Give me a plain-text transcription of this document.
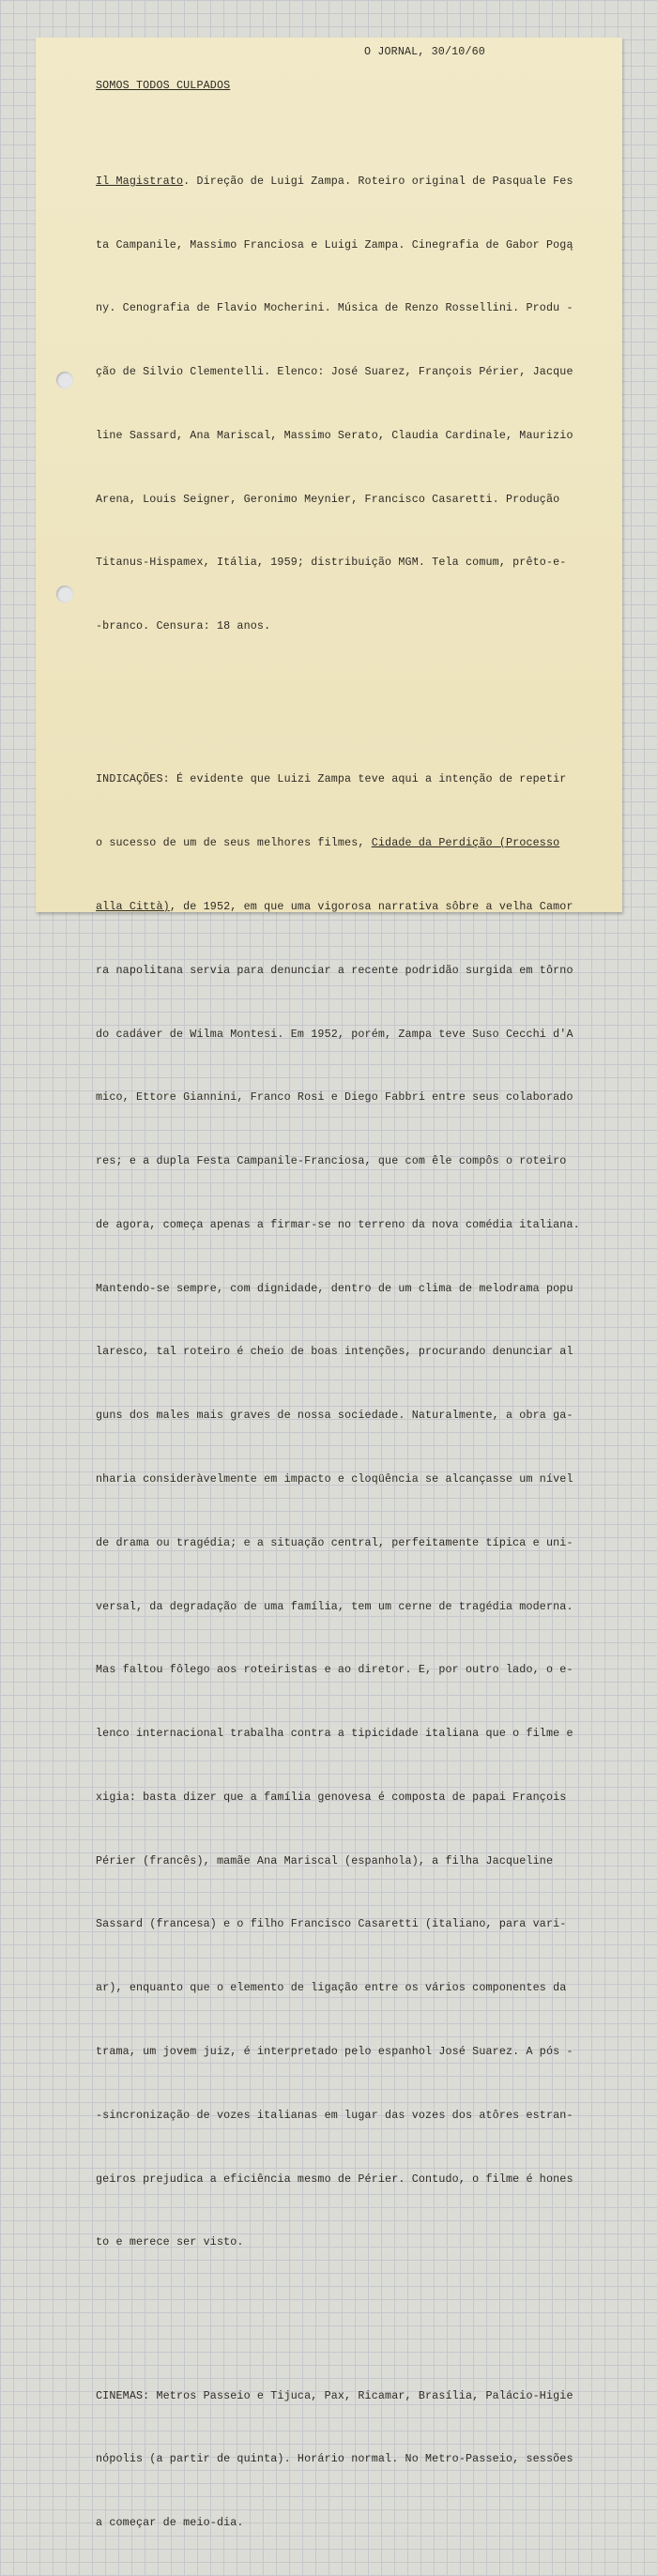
O JORNAL, 30/10/60
SOMOS TODOS CULPADOS

Il Magistrato. Direção de Luigi Zampa. Roteiro original de Pasquale Fes

ta Campanile, Massimo Franciosa e Luigi Zampa. Cinegrafia de Gabor Pogą

ny. Cenografia de Flavio Mocherini. Música de Renzo Rossellini. Produ -

ção de Silvio Clementelli. Elenco: José Suarez, François Périer, Jacque

line Sassard, Ana Mariscal, Massimo Serato, Claudia Cardinale, Maurizio

Arena, Louis Seigner, Geronimo Meynier, Francisco Casaretti. Produção

Titanus-Hispamex, Itália, 1959; distribuição MGM. Tela comum, prêto-e-

-branco. Censura: 18 anos.

INDICAÇÕES: É evidente que Luizi Zampa teve aqui a intenção de repetir

o sucesso de um de seus melhores filmes, Cidade da Perdição (Processo

alla Città), de 1952, em que uma vigorosa narrativa sôbre a velha Camor

ra napolitana servia para denunciar a recente podridão surgida em tôrno

do cadáver de Wilma Montesi. Em 1952, porém, Zampa teve Suso Cecchi d'A

mico, Ettore Giannini, Franco Rosi e Diego Fabbri entre seus colaborado

res; e a dupla Festa Campanile-Franciosa, que com êle compôs o roteiro

de agora, começa apenas a firmar-se no terreno da nova comédia italiana.

Mantendo-se sempre, com dignidade, dentro de um clima de melodrama popu

laresco, tal roteiro é cheio de boas intenções, procurando denunciar al

guns dos males mais graves de nossa sociedade. Naturalmente, a obra ga-

nharia consideràvelmente em impacto e cloqüência se alcançasse um nível

de drama ou tragédia; e a situação central, perfeitamente típica e uni-

versal, da degradação de uma família, tem um cerne de tragédia moderna.

Mas faltou fôlego aos roteiristas e ao diretor. E, por outro lado, o e-

lenco internacional trabalha contra a tipicidade italiana que o filme e

xigia: basta dizer que a família genovesa é composta de papai François

Périer (francês), mamãe Ana Mariscal (espanhola), a filha Jacqueline

Sassard (francesa) e o filho Francisco Casaretti (italiano, para vari-

ar), enquanto que o elemento de ligação entre os vários componentes da

trama, um jovem juiz, é interpretado pelo espanhol José Suarez. A pós -

-sincronização de vozes italianas em lugar das vozes dos atôres estran-

geiros prejudica a eficiência mesmo de Périer. Contudo, o filme é hones

to e merece ser visto.

CINEMAS: Metros Passeio e Tijuca, Pax, Ricamar, Brasília, Palácio-Higie

nópolis (a partir de quinta). Horário normal. No Metro-Passeio, sessões

a começar de meio-dia.
